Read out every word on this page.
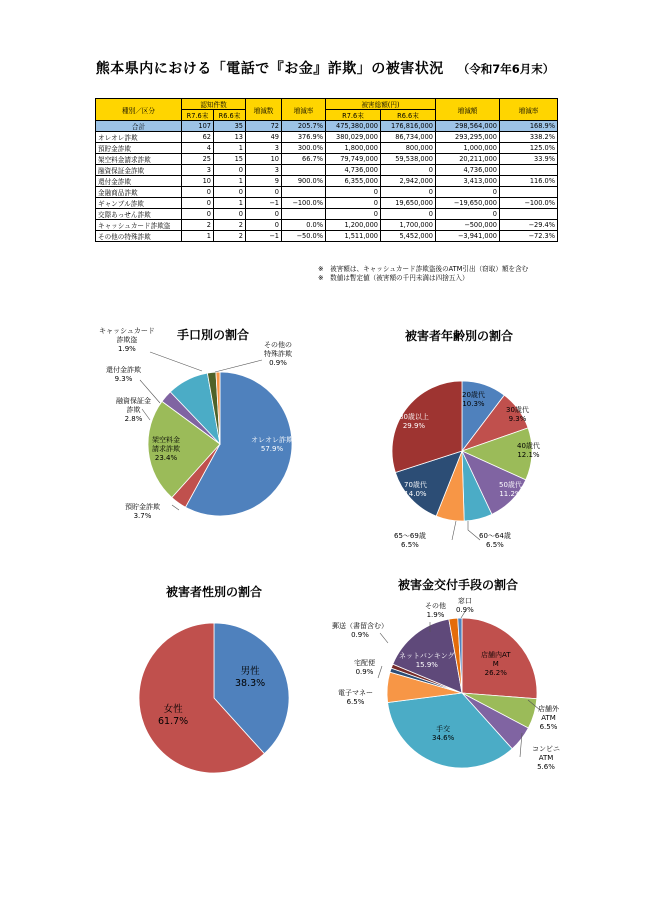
熊本県内における「電話で『お金』詐欺」の被害状況 （令和7年6月末）
種別／区分	認知件数		増減数	増減率	被害総額(円)		増減額	増減率
	R7.6末	R6.6末			R7.6末	R6.6末		
合計	107	35	72	205.7%	475,380,000	176,816,000	298,564,000	168.9%
オレオレ詐欺	62	13	49	376.9%	380,029,000	86,734,000	293,295,000	338.2%
預貯金詐欺	4	1	3	300.0%	1,800,000	800,000	1,000,000	125.0%
架空料金請求詐欺	25	15	10	66.7%	79,749,000	59,538,000	20,211,000	33.9%
融資保証金詐欺	3	0	3		4,736,000	0	4,736,000	
還付金詐欺	10	1	9	900.0%	6,355,000	2,942,000	3,413,000	116.0%
金融商品詐欺	0	0	0		0	0	0	
ギャンブル詐欺	0	1	−1	−100.0%	0	19,650,000	−19,650,000	−100.0%
交際あっせん詐欺	0	0	0		0	0	0	
キャッシュカード詐欺盗	2	2	0	0.0%	1,200,000	1,700,000	−500,000	−29.4%
その他の特殊詐欺	1	2	−1	−50.0%	1,511,000	5,452,000	−3,941,000	−72.3%
※　被害額は、キャッシュカード詐欺盗後のATM引出（窃取）額を含む
※　数値は暫定値（被害額の千円未満は四捨五入）
手口別の割合	被害者年齢別の割合
被害者性別の割合	被害金交付手段の割合
オレオレ詐欺
57.9%
預貯金詐欺
3.7%
架空料金
請求詐欺
23.4%
融資保証金
詐欺
2.8%
還付金詐欺
9.3%
キャッシュカード
詐欺盗
1.9%	その他の
特殊詐欺
0.9%
20歳代
10.3%
30歳代
9.3%
40歳代
12.1%
50歳代
11.2%
60～64歳
6.5%
65～69歳
6.5%
70歳代
14.0%
80歳以上
29.9%
男性
38.3%
女性
61.7%
店舗内AT
M
26.2%
店舗外
ATM
6.5%
コンビニ
ATM
5.6%
手交
34.6%
電子マネー
6.5%
宅配便
0.9%
郵送（書留含む）
0.9%
ネットバンキング
15.9%
その他
1.9%
窓口
0.9%
